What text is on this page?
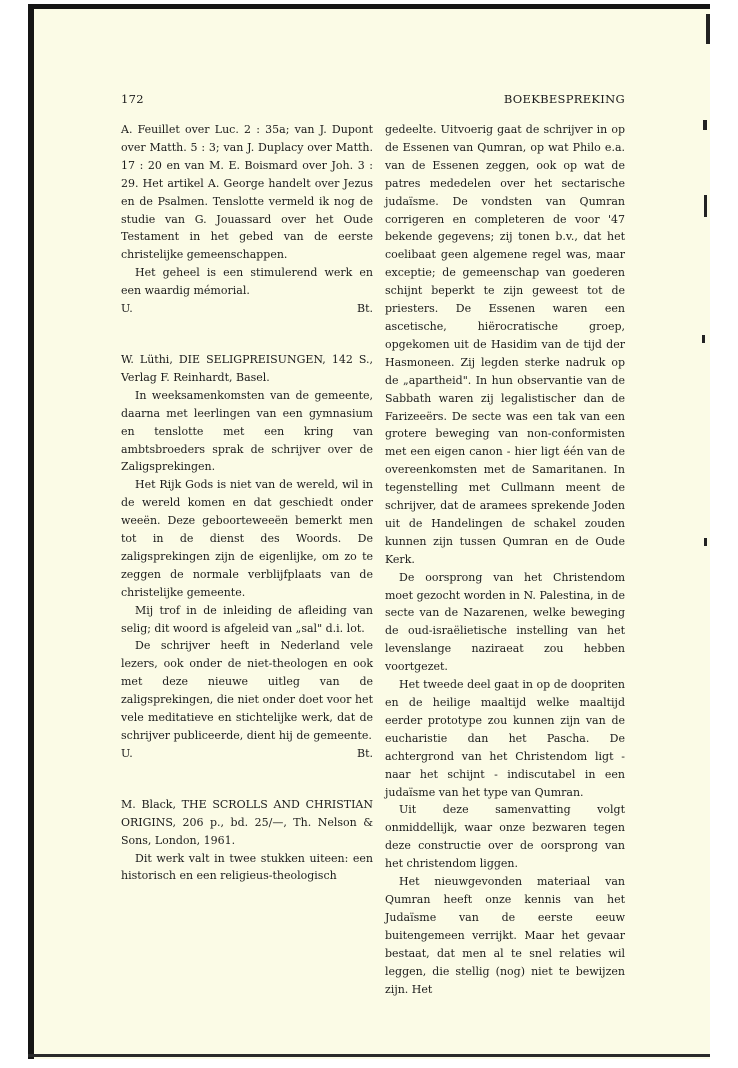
172	BOEKBESPREKING

A. Feuillet over Luc. 2 : 35a; van J. Dupont over Matth. 5 : 3; van J. Duplacy over Matth. 17 : 20 en van M. E. Boismard over Joh. 3 : 29. Het artikel A. George handelt over Jezus en de Psalmen. Tenslotte vermeld ik nog de studie van G. Jouassard over het Oude Testament in het gebed van de eerste christelijke gemeenschappen.

Het geheel is een stimulerend werk en een waardig mémorial.

U.	Bt.

W. Lüthi, DIE SELIGPREISUNGEN, 142 S., Verlag F. Reinhardt, Basel.

In weeksamenkomsten van de gemeente, daarna met leerlingen van een gymnasium en tenslotte met een kring van ambtsbroeders sprak de schrijver over de Zaligsprekingen.

Het Rijk Gods is niet van de wereld, wil in de wereld komen en dat geschiedt onder weeën. Deze geboorteweeën bemerkt men tot in de dienst des Woords. De zaligsprekingen zijn de eigenlijke, om zo te zeggen de normale verblijfplaats van de christelijke gemeente.

Mij trof in de inleiding de afleiding van selig; dit woord is afgeleid van „sal" d.i. lot.

De schrijver heeft in Nederland vele lezers, ook onder de niet-theologen en ook met deze nieuwe uitleg van de zaligsprekingen, die niet onder doet voor het vele meditatieve en stichtelijke werk, dat de schrijver publiceerde, dient hij de gemeente.

U.	Bt.

M. Black, THE SCROLLS AND CHRISTIAN ORIGINS, 206 p., bd. 25/—, Th. Nelson & Sons, London, 1961.

Dit werk valt in twee stukken uiteen: een historisch en een religieus-theologisch

gedeelte. Uitvoerig gaat de schrijver in op de Essenen van Qumran, op wat Philo e.a. van de Essenen zeggen, ook op wat de patres mededelen over het sectarische judaïsme. De vondsten van Qumran corrigeren en completeren de voor '47 bekende gegevens; zij tonen b.v., dat het coelibaat geen algemene regel was, maar exceptie; de gemeenschap van goederen schijnt beperkt te zijn geweest tot de priesters. De Essenen waren een ascetische, hiërocratische groep, opgekomen uit de Hasidim van de tijd der Hasmoneen. Zij legden sterke nadruk op de „apartheid". In hun observantie van de Sabbath waren zij legalistischer dan de Farizeeërs. De secte was een tak van een grotere beweging van non-conformisten met een eigen canon - hier ligt één van de overeenkomsten met de Samaritanen. In tegenstelling met Cullmann meent de schrijver, dat de aramees sprekende Joden uit de Handelingen de schakel zouden kunnen zijn tussen Qumran en de Oude Kerk.

De oorsprong van het Christendom moet gezocht worden in N. Palestina, in de secte van de Nazarenen, welke beweging de oud-israëlietische instelling van het levenslange naziraeat zou hebben voortgezet.

Het tweede deel gaat in op de doopriten en de heilige maaltijd welke maaltijd eerder prototype zou kunnen zijn van de eucharistie dan het Pascha. De achtergrond van het Christendom ligt - naar het schijnt - indiscutabel in een judaïsme van het type van Qumran.

Uit deze samenvatting volgt onmiddellijk, waar onze bezwaren tegen deze constructie over de oorsprong van het christendom liggen.

Het nieuwgevonden materiaal van Qumran heeft onze kennis van het Judaïsme van de eerste eeuw buitengemeen verrijkt. Maar het gevaar bestaat, dat men al te snel relaties wil leggen, die stellig (nog) niet te bewijzen zijn. Het
